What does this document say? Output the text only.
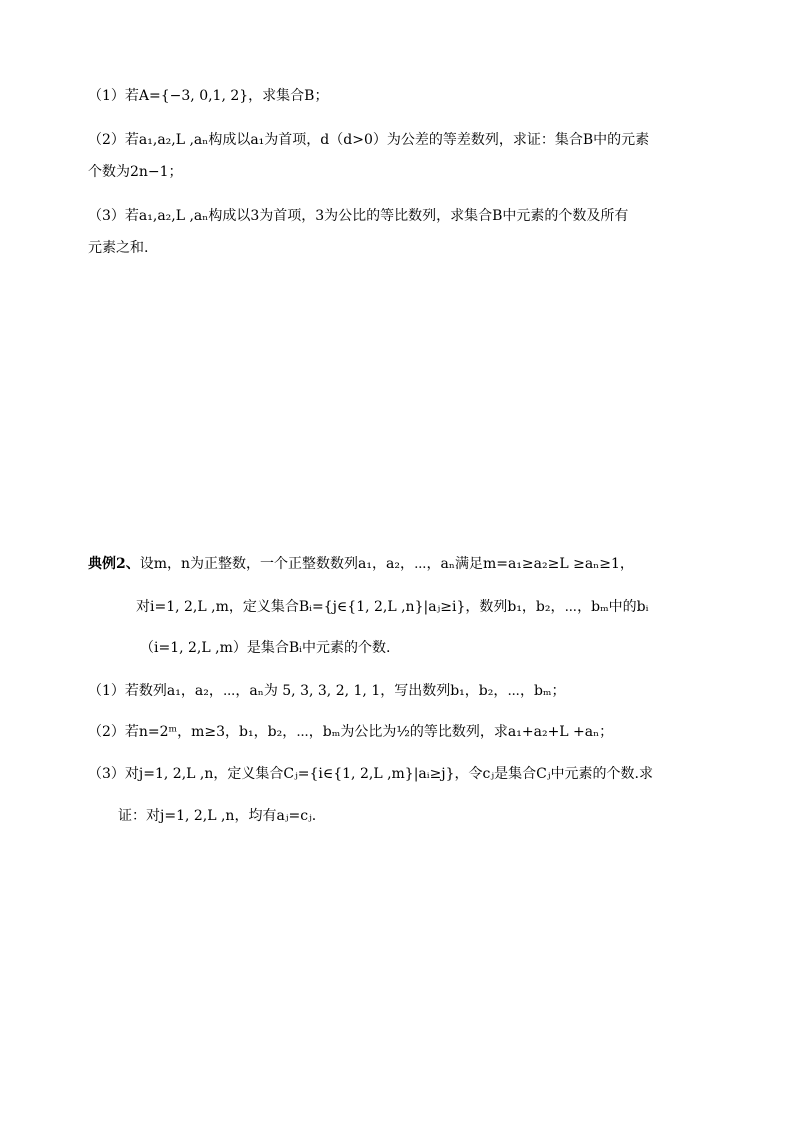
（1）若A={−3, 0,1, 2}，求集合B；
（2）若a₁,a₂,L ,aₙ构成以a₁为首项，d（d>0）为公差的等差数列，求证：集合B中的元素
个数为2n−1；
（3）若a₁,a₂,L ,aₙ构成以3为首项，3为公比的等比数列，求集合B中元素的个数及所有
元素之和.
典例2、设m，n为正整数，一个正整数数列a₁，a₂，⋯，aₙ满足m=a₁≥a₂≥L ≥aₙ≥1，
对i=1, 2,L ,m，定义集合Bᵢ={j∈{1, 2,L ,n}|aⱼ≥i}，数列b₁，b₂，⋯，bₘ中的bᵢ
（i=1, 2,L ,m）是集合Bᵢ中元素的个数.
（1）若数列a₁，a₂，⋯，aₙ为 5, 3, 3, 2, 1, 1，写出数列b₁，b₂，⋯，bₘ；
（2）若n=2ᵐ，m≥3，b₁，b₂，⋯，bₘ为公比为½的等比数列，求a₁+a₂+L +aₙ；
（3）对j=1, 2,L ,n，定义集合Cⱼ={i∈{1, 2,L ,m}|aᵢ≥j}，令cⱼ是集合Cⱼ中元素的个数.求
证：对j=1, 2,L ,n，均有aⱼ=cⱼ.
